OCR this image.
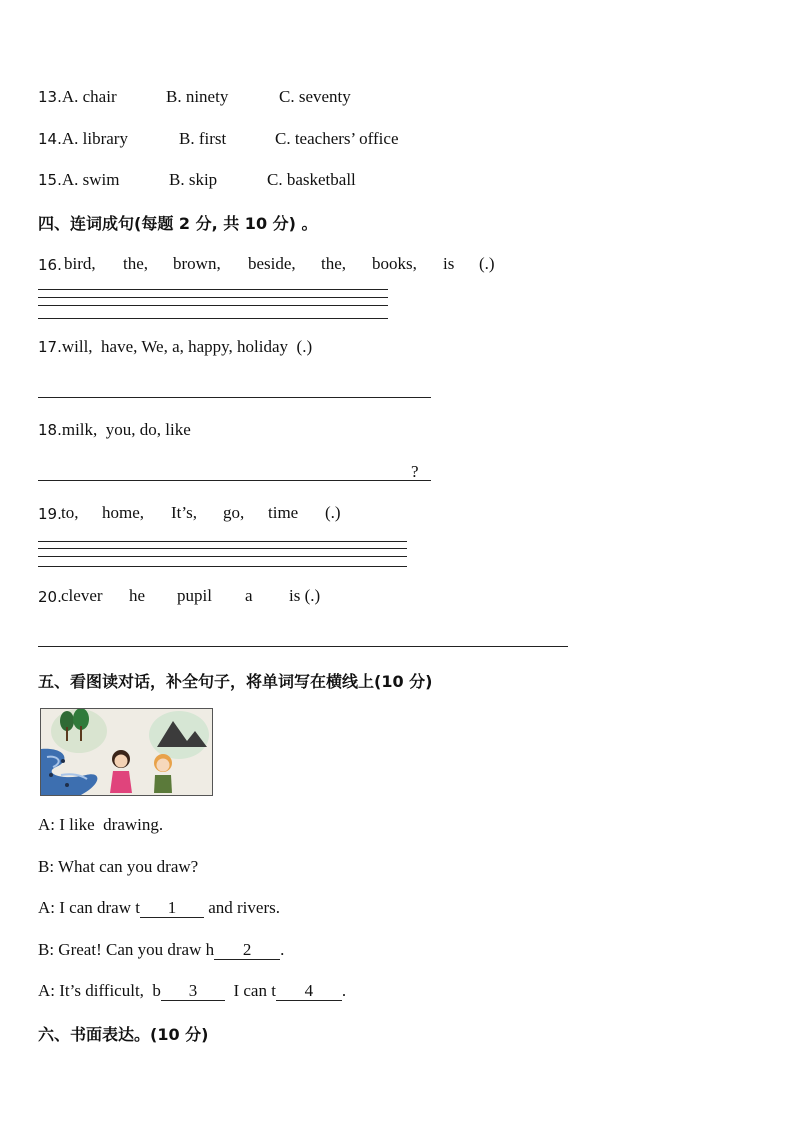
13.A. chair	B. ninety	C. seventy
14.A. library	B. first	C. teachers’ office
15.A. swim	B. skip	C. basketball
四、连词成句(每题 2 分, 共 10 分) 。
16. bird, the, brown, beside, the, books, is (.)
17.will,  have, We, a, happy, holiday  (.)
18.milk,  you, do, like
?
19. to, home, It’s, go, time (.)
20. clever he pupil a is (.)
五、看图读对话，补全句子，将单词写在横线上(10 分)
A: I like  drawing.
B: What can you draw?
A: I can draw t 1 and rivers.
B: Great! Can you draw h 2 .
A: It’s difficult,  b 3  I can t 4 .
六、书面表达。(10 分)
